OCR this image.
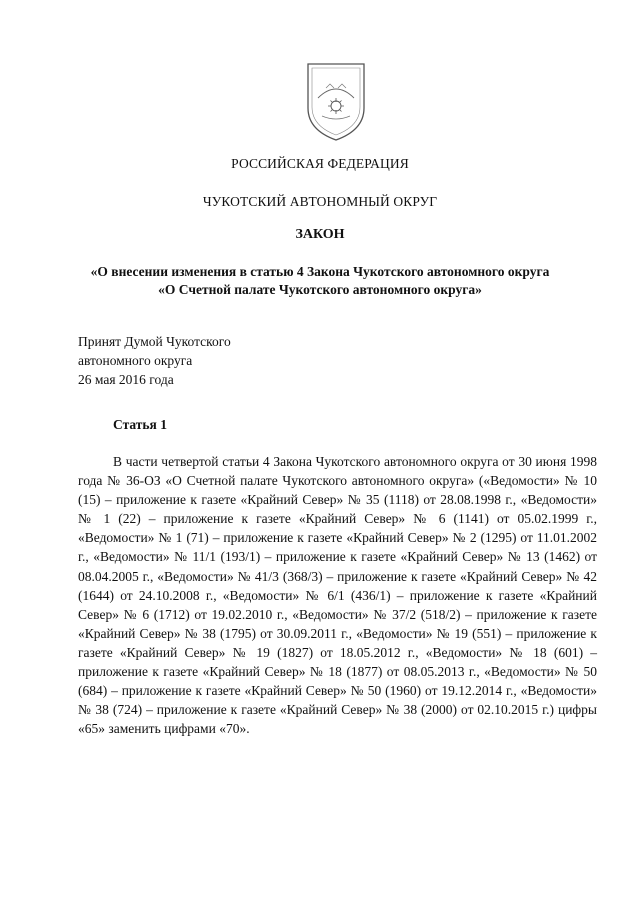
РОССИЙСКАЯ ФЕДЕРАЦИЯ
ЧУКОТСКИЙ АВТОНОМНЫЙ ОКРУГ
ЗАКОН
«О внесении изменения в статью 4 Закона Чукотского автономного округа
«О Счетной палате Чукотского автономного округа»
Принят Думой Чукотского
автономного округа
26 мая 2016 года
Статья 1

В части четвертой статьи 4 Закона Чукотского автономного округа от 30 июня 1998 года № 36-ОЗ «О Счетной палате Чукотского автономного округа» («Ведомости» № 10 (15) – приложение к газете «Крайний Север» № 35 (1118) от 28.08.1998 г., «Ведомости» № 1 (22) – приложение к газете «Крайний Север» № 6 (1141) от 05.02.1999 г., «Ведомости» № 1 (71) – приложение к газете «Крайний Север» № 2 (1295) от 11.01.2002 г., «Ведомости» № 11/1 (193/1) – приложение к газете «Крайний Север» № 13 (1462) от 08.04.2005 г., «Ведомости» № 41/3 (368/3) – приложение к газете «Крайний Север» № 42 (1644) от 24.10.2008 г., «Ведомости» № 6/1 (436/1) – приложение к газете «Крайний Север» № 6 (1712) от 19.02.2010 г., «Ведомости» № 37/2 (518/2) – приложение к газете «Крайний Север» № 38 (1795) от 30.09.2011 г., «Ведомости» № 19 (551) – приложение к газете «Крайний Север» № 19 (1827) от 18.05.2012 г., «Ведомости» № 18 (601) – приложение к газете «Крайний Север» № 18 (1877) от 08.05.2013 г., «Ведомости» № 50 (684) – приложение к газете «Крайний Север» № 50 (1960) от 19.12.2014 г., «Ведомости» № 38 (724) – приложение к газете «Крайний Север» № 38 (2000) от 02.10.2015 г.) цифры «65» заменить цифрами «70».
